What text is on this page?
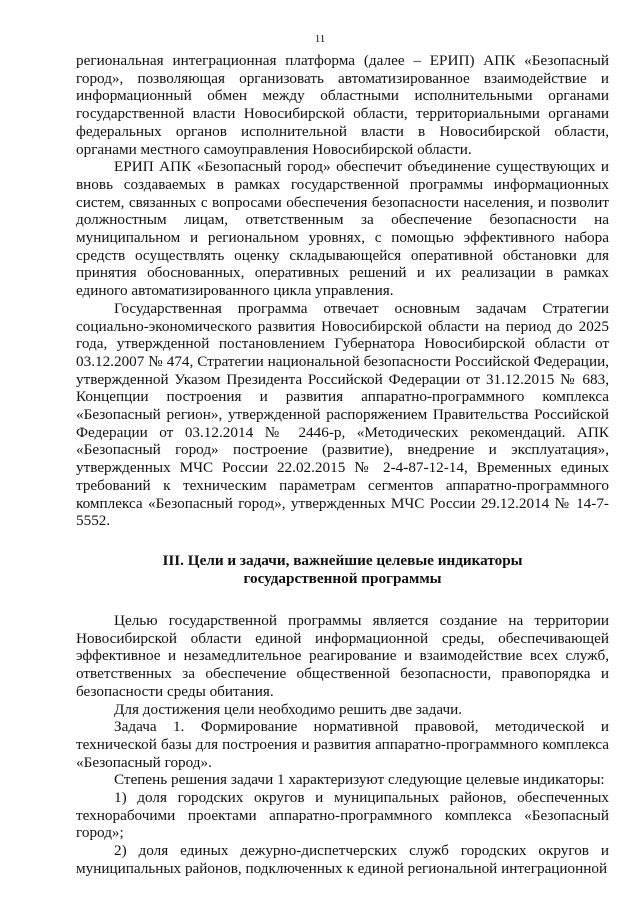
11

региональная интеграционная платформа (далее – ЕРИП) АПК «Безопасный город», позволяющая организовать автоматизированное взаимодействие и информационный обмен между областными исполнительными органами государственной власти Новосибирской области, территориальными органами федеральных органов исполнительной власти в Новосибирской области, органами местного самоуправления Новосибирской области.

ЕРИП АПК «Безопасный город» обеспечит объединение существующих и вновь создаваемых в рамках государственной программы информационных систем, связанных с вопросами обеспечения безопасности населения, и позволит должностным лицам, ответственным за обеспечение безопасности на муниципальном и региональном уровнях, с помощью эффективного набора средств осуществлять оценку складывающейся оперативной обстановки для принятия обоснованных, оперативных решений и их реализации в рамках единого автоматизированного цикла управления.

Государственная программа отвечает основным задачам Стратегии социально-экономического развития Новосибирской области на период до 2025 года, утвержденной постановлением Губернатора Новосибирской области от 03.12.2007 № 474, Стратегии национальной безопасности Российской Федерации, утвержденной Указом Президента Российской Федерации от 31.12.2015 № 683, Концепции построения и развития аппаратно-программного комплекса «Безопасный регион», утвержденной распоряжением Правительства Российской Федерации от 03.12.2014 № 2446-р, «Методических рекомендаций. АПК «Безопасный город» построение (развитие), внедрение и эксплуатация», утвержденных МЧС России 22.02.2015 № 2-4-87-12-14, Временных единых требований к техническим параметрам сегментов аппаратно-программного комплекса «Безопасный город», утвержденных МЧС России 29.12.2014 № 14-7-5552.

III. Цели и задачи, важнейшие целевые индикаторы
государственной программы

Целью государственной программы является создание на территории Новосибирской области единой информационной среды, обеспечивающей эффективное и незамедлительное реагирование и взаимодействие всех служб, ответственных за обеспечение общественной безопасности, правопорядка и безопасности среды обитания.

Для достижения цели необходимо решить две задачи.

Задача 1. Формирование нормативной правовой, методической и технической базы для построения и развития аппаратно-программного комплекса «Безопасный город».

Степень решения задачи 1 характеризуют следующие целевые индикаторы:

1) доля городских округов и муниципальных районов, обеспеченных технорабочими проектами аппаратно-программного комплекса «Безопасный город»;

2) доля единых дежурно-диспетчерских служб городских округов и муниципальных районов, подключенных к единой региональной интеграционной
